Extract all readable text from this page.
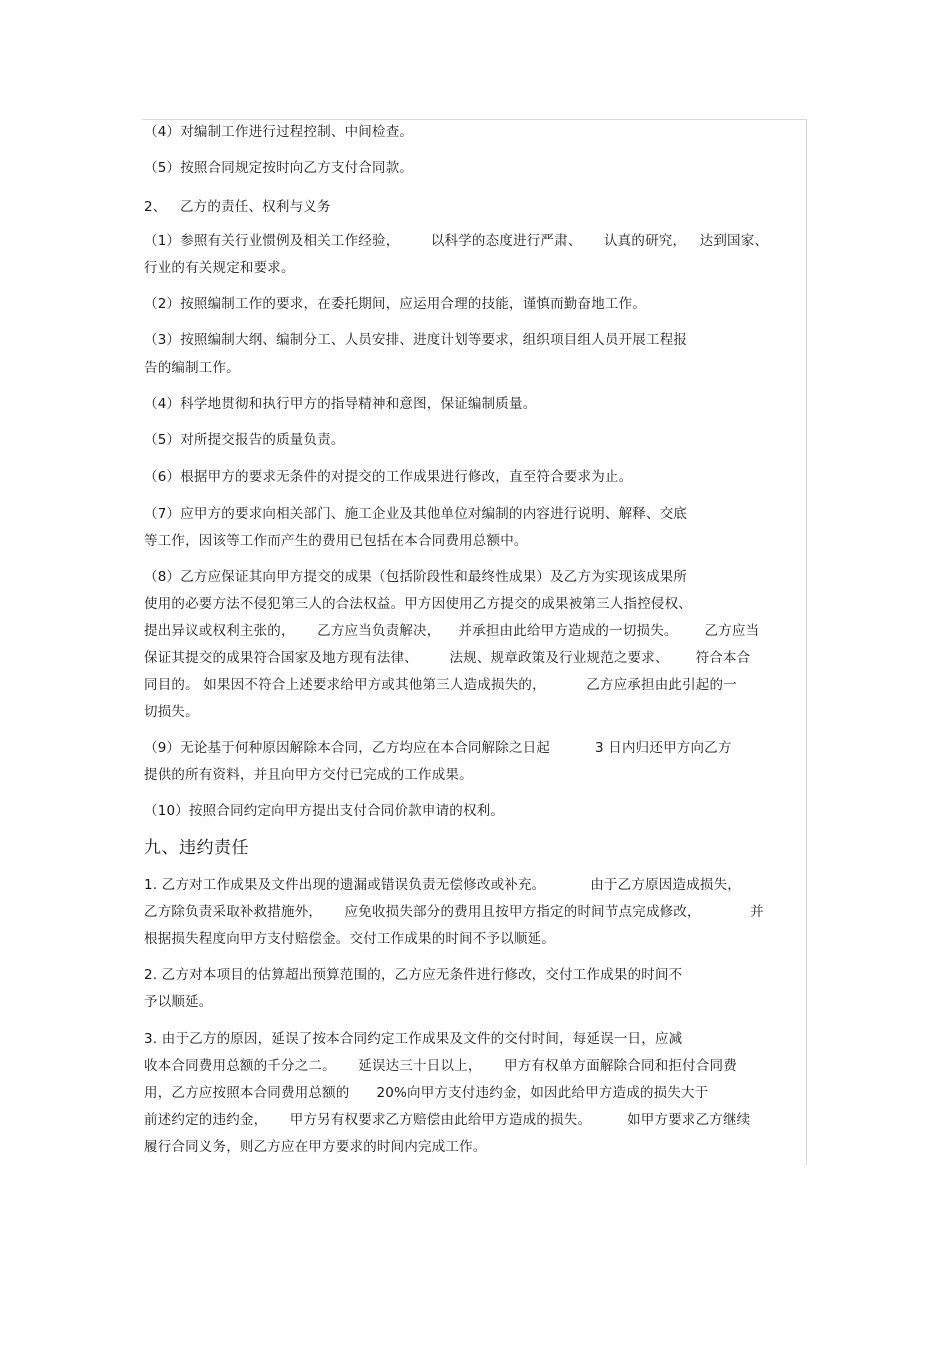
（4）对编制工作进行过程控制、中间检查。
（5）按照合同规定按时向乙方支付合同款。
2、   乙方的责任、权利与义务
（1）参照有关行业惯例及相关工作经验，       以科学的态度进行严肃、     认真的研究，   达到国家、
行业的有关规定和要求。
（2）按照编制工作的要求，在委托期间，应运用合理的技能，谨慎而勤奋地工作。
（3）按照编制大纲、编制分工、人员安排、进度计划等要求，组织项目组人员开展工程报
告的编制工作。
（4）科学地贯彻和执行甲方的指导精神和意图，保证编制质量。
（5）对所提交报告的质量负责。
（6）根据甲方的要求无条件的对提交的工作成果进行修改，直至符合要求为止。
（7）应甲方的要求向相关部门、施工企业及其他单位对编制的内容进行说明、解释、交底
等工作，因该等工作而产生的费用已包括在本合同费用总额中。
（8）乙方应保证其向甲方提交的成果（包括阶段性和最终性成果）及乙方为实现该成果所
使用的必要方法不侵犯第三人的合法权益。甲方因使用乙方提交的成果被第三人指控侵权、
提出异议或权利主张的，     乙方应当负责解决，    并承担由此给甲方造成的一切损失。      乙方应当
保证其提交的成果符合国家及地方现有法律、       法规、规章政策及行业规范之要求、      符合本合
同目的。 如果因不符合上述要求给甲方或其他第三人造成损失的，         乙方应承担由此引起的一
切损失。
（9）无论基于何种原因解除本合同，乙方均应在本合同解除之日起          3 日内归还甲方向乙方
提供的所有资料，并且向甲方交付已完成的工作成果。
（10）按照合同约定向甲方提出支付合同价款申请的权利。
九、违约责任
1. 乙方对工作成果及文件出现的遗漏或错误负责无偿修改或补充。          由于乙方原因造成损失，
乙方除负责采取补救措施外，     应免收损失部分的费用且按甲方指定的时间节点完成修改，           并
根据损失程度向甲方支付赔偿金。交付工作成果的时间不予以顺延。
2. 乙方对本项目的估算超出预算范围的，乙方应无条件进行修改，交付工作成果的时间不
予以顺延。
3. 由于乙方的原因，延误了按本合同约定工作成果及文件的交付时间，每延误一日，应减
收本合同费用总额的千分之二。     延误达三十日以上，     甲方有权单方面解除合同和拒付合同费
用，乙方应按照本合同费用总额的      20%向甲方支付违约金，如因此给甲方造成的损失大于
前述约定的违约金，     甲方另有权要求乙方赔偿由此给甲方造成的损失。        如甲方要求乙方继续
履行合同义务，则乙方应在甲方要求的时间内完成工作。
